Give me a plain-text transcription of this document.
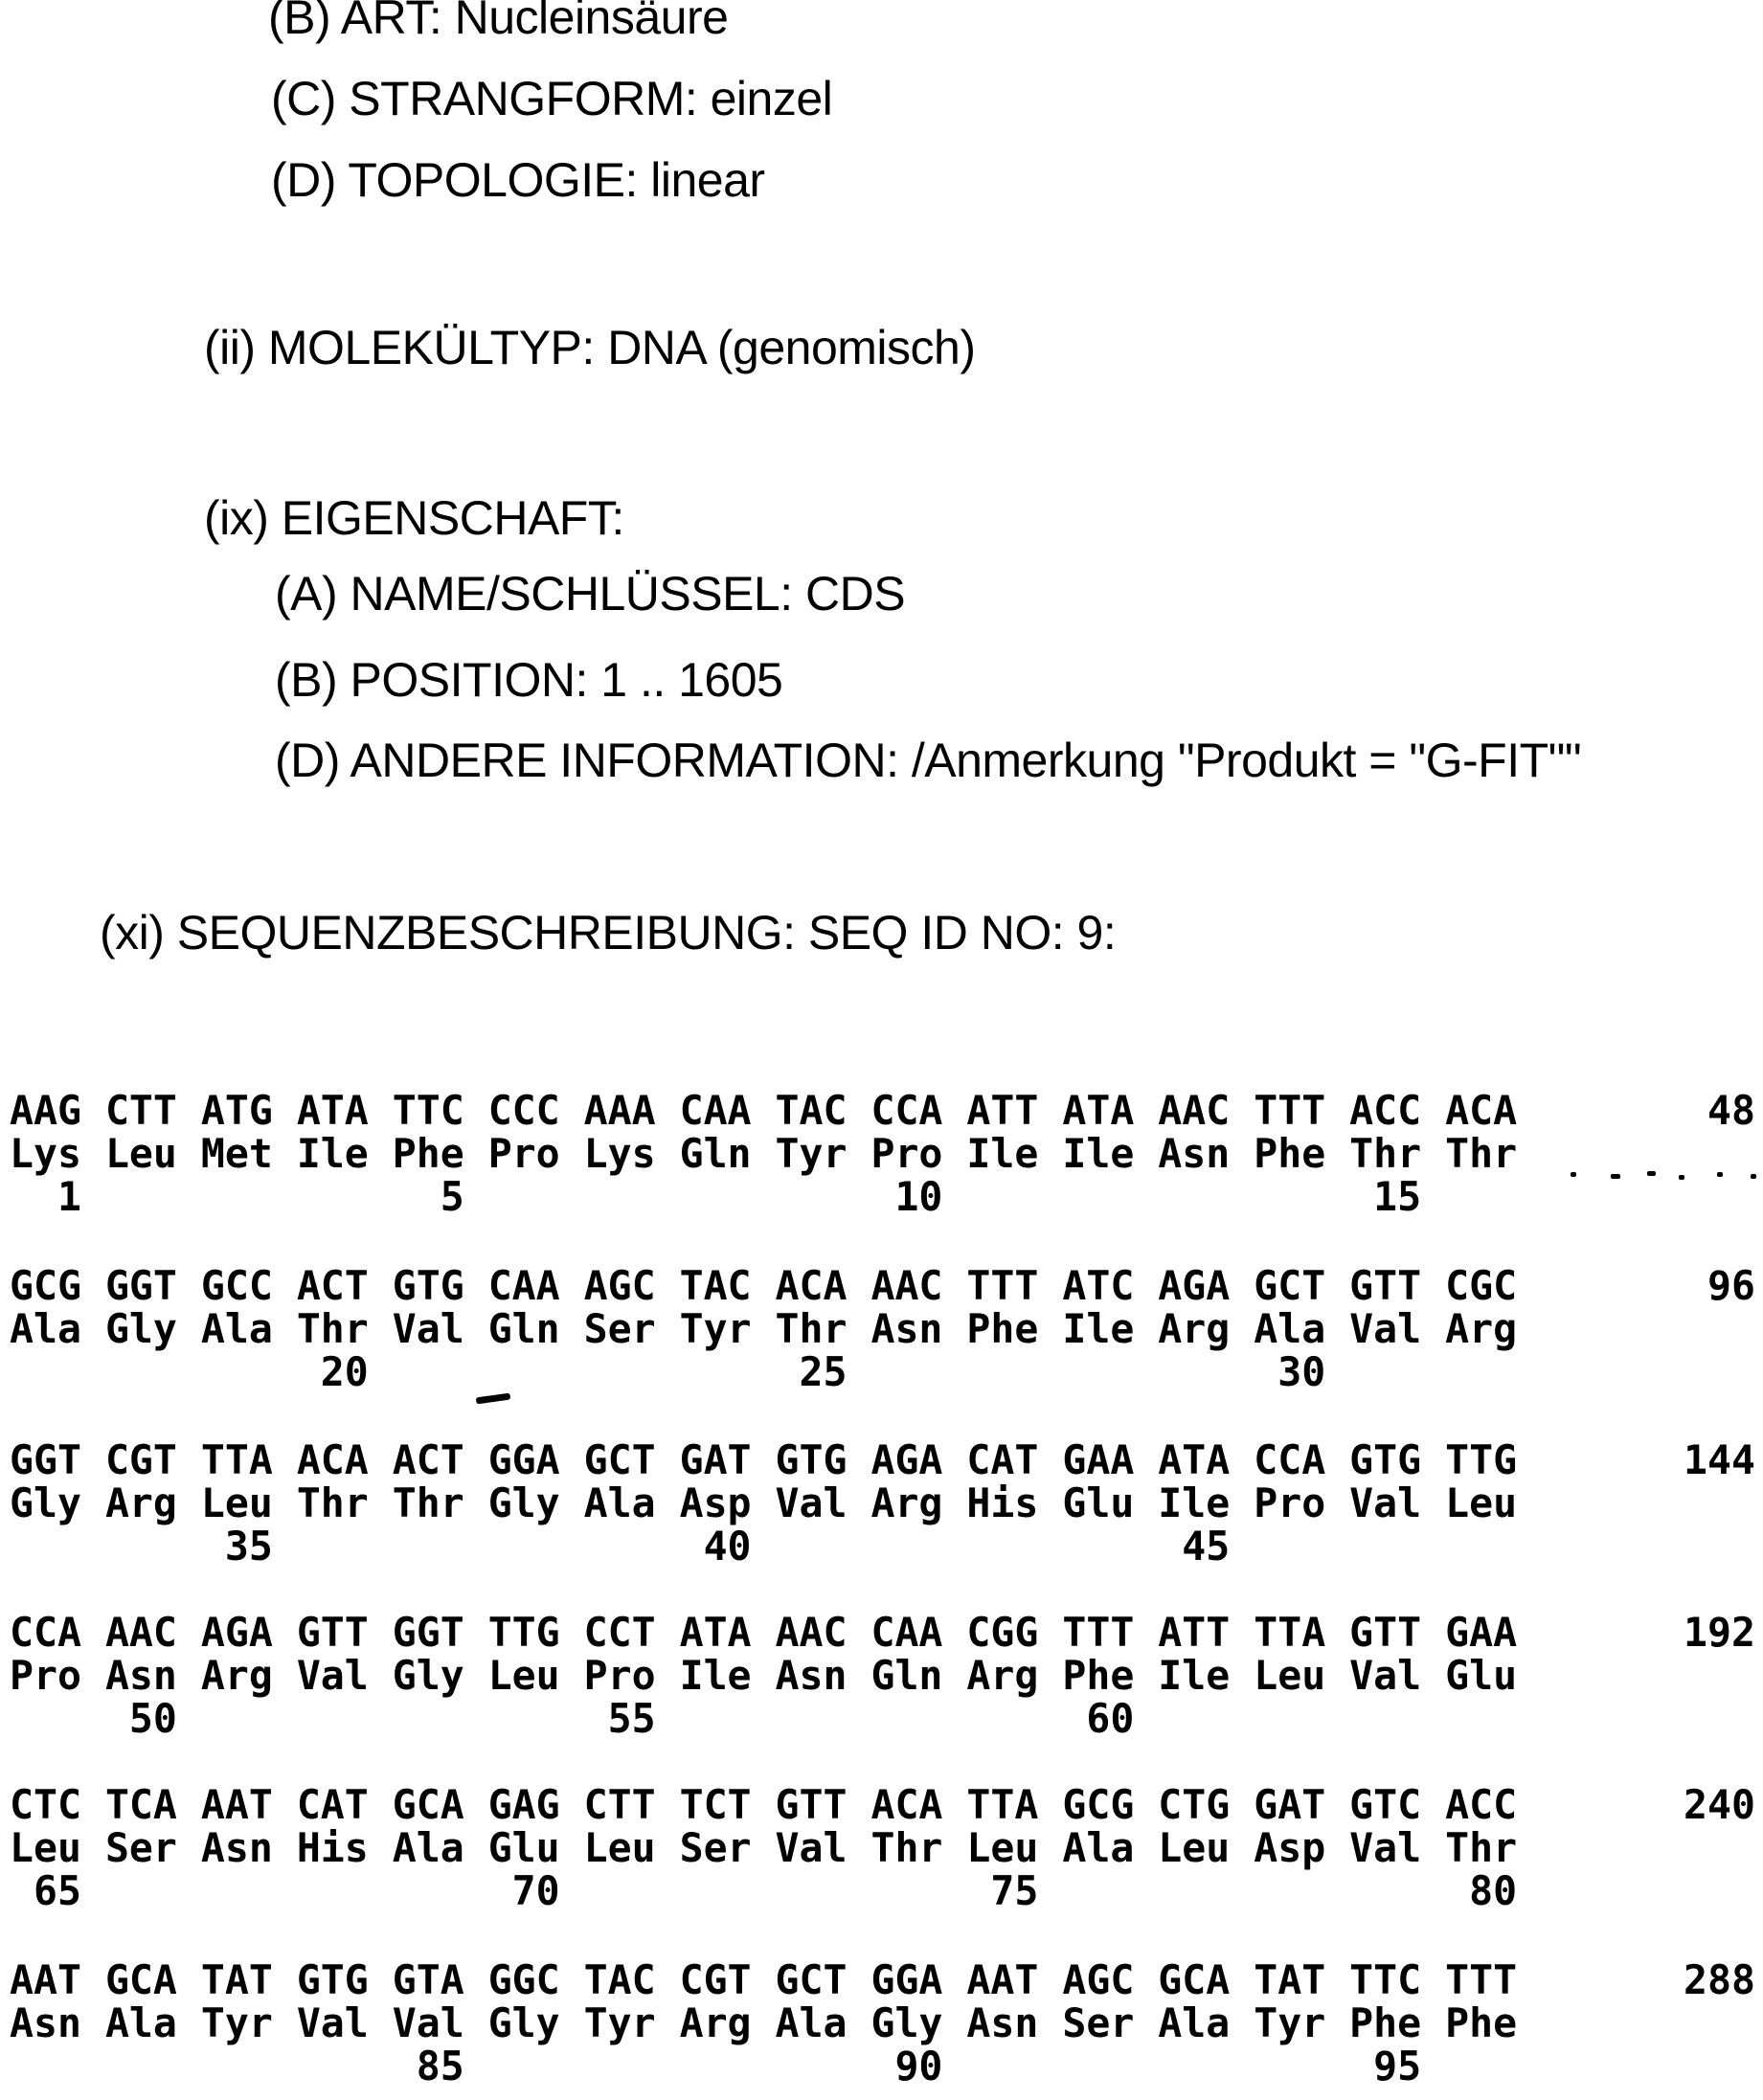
(B) ART: Nucleinsäure
(C) STRANGFORM: einzel
(D) TOPOLOGIE: linear
(ii) MOLEKÜLTYP: DNA (genomisch)
(ix) EIGENSCHAFT:
(A) NAME/SCHLÜSSEL: CDS
(B) POSITION: 1 .. 1605
(D) ANDERE INFORMATION: /Anmerkung "Produkt = "G-FIT""
(xi) SEQUENZBESCHREIBUNG: SEQ ID NO: 9:
AAG CTT ATG ATA TTC CCC AAA CAA TAC CCA ATT ATA AAC TTT ACC ACA
Lys Leu Met Ile Phe Pro Lys Gln Tyr Pro Ile Ile Asn Phe Thr Thr
1               5                  10                  15
48
GCG GGT GCC ACT GTG CAA AGC TAC ACA AAC TTT ATC AGA GCT GTT CGC
Ala Gly Ala Thr Val Gln Ser Tyr Thr Asn Phe Ile Arg Ala Val Arg
20                  25                  30
96
GGT CGT TTA ACA ACT GGA GCT GAT GTG AGA CAT GAA ATA CCA GTG TTG
Gly Arg Leu Thr Thr Gly Ala Asp Val Arg His Glu Ile Pro Val Leu
35                  40                  45
144
CCA AAC AGA GTT GGT TTG CCT ATA AAC CAA CGG TTT ATT TTA GTT GAA
Pro Asn Arg Val Gly Leu Pro Ile Asn Gln Arg Phe Ile Leu Val Glu
50                  55                  60
192
CTC TCA AAT CAT GCA GAG CTT TCT GTT ACA TTA GCG CTG GAT GTC ACC
Leu Ser Asn His Ala Glu Leu Ser Val Thr Leu Ala Leu Asp Val Thr
65                  70                  75                  80
240
AAT GCA TAT GTG GTA GGC TAC CGT GCT GGA AAT AGC GCA TAT TTC TTT
Asn Ala Tyr Val Val Gly Tyr Arg Ala Gly Asn Ser Ala Tyr Phe Phe
85                  90                  95
288
